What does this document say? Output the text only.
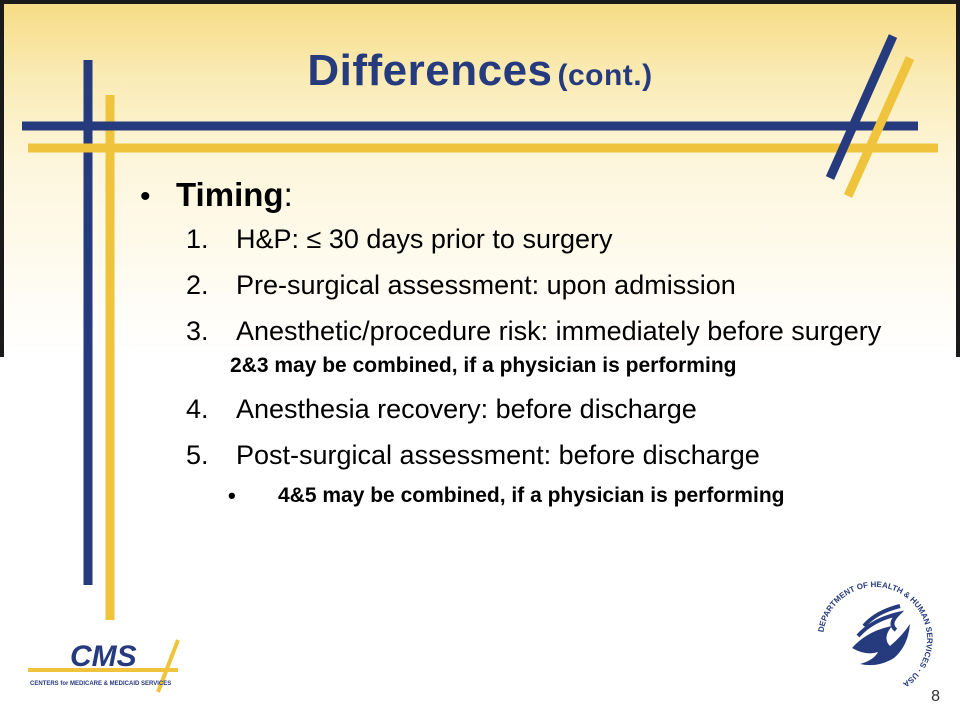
Differences (cont.)
• Timing:
1.	H&P: ≤ 30 days prior to surgery
2.	Pre-surgical assessment: upon admission
3.	Anesthetic/procedure risk: immediately before surgery
2&3 may be combined, if a physician is performing
4.	Anesthesia recovery: before discharge
5.	Post-surgical assessment: before discharge
• 4&5 may be combined, if a physician is performing
CMS
CENTERS for MEDICARE & MEDICAID SERVICES
DEPARTMENT OF HEALTH & HUMAN SERVICES · USA
8
